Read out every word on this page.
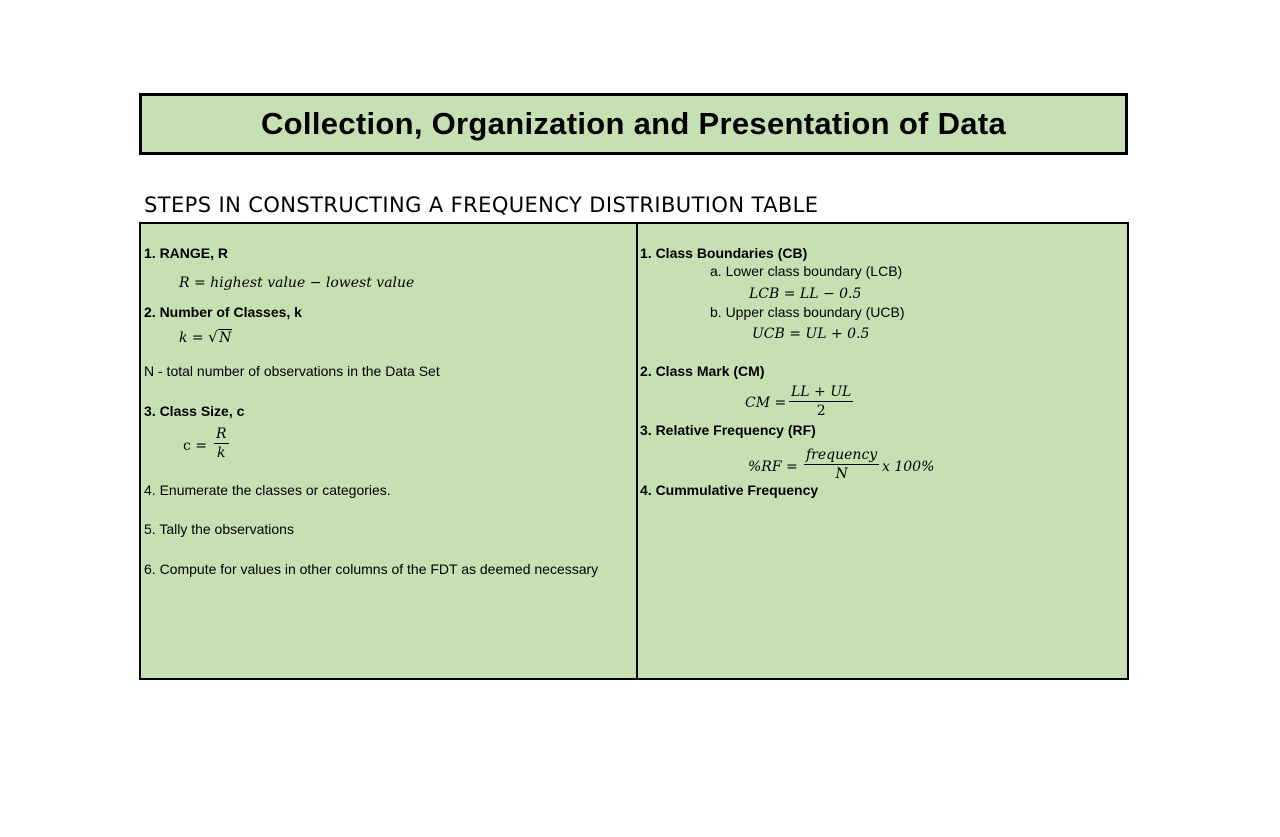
Collection, Organization and Presentation of Data
STEPS IN CONSTRUCTING A FREQUENCY DISTRIBUTION TABLE
1. RANGE, R
R = highest value − lowest value
2. Number of Classes, k
k = √ N
N - total number of observations in the Data Set
3. Class Size, c
$c = \frac{R}{k}$
4. Enumerate the classes or categories.
5. Tally the observations
6. Compute for values in other columns of the FDT as deemed necessary
1. Class Boundaries (CB)
a. Lower class boundary (LCB)
LCB = LL − 0.5
b. Upper class boundary (UCB)
UCB = UL + 0.5
2. Class Mark (CM)
CM = $\frac{LL + UL}{2}$
3. Relative Frequency (RF)
%RF =
frequency
N x 100%
4. Cummulative Frequency
